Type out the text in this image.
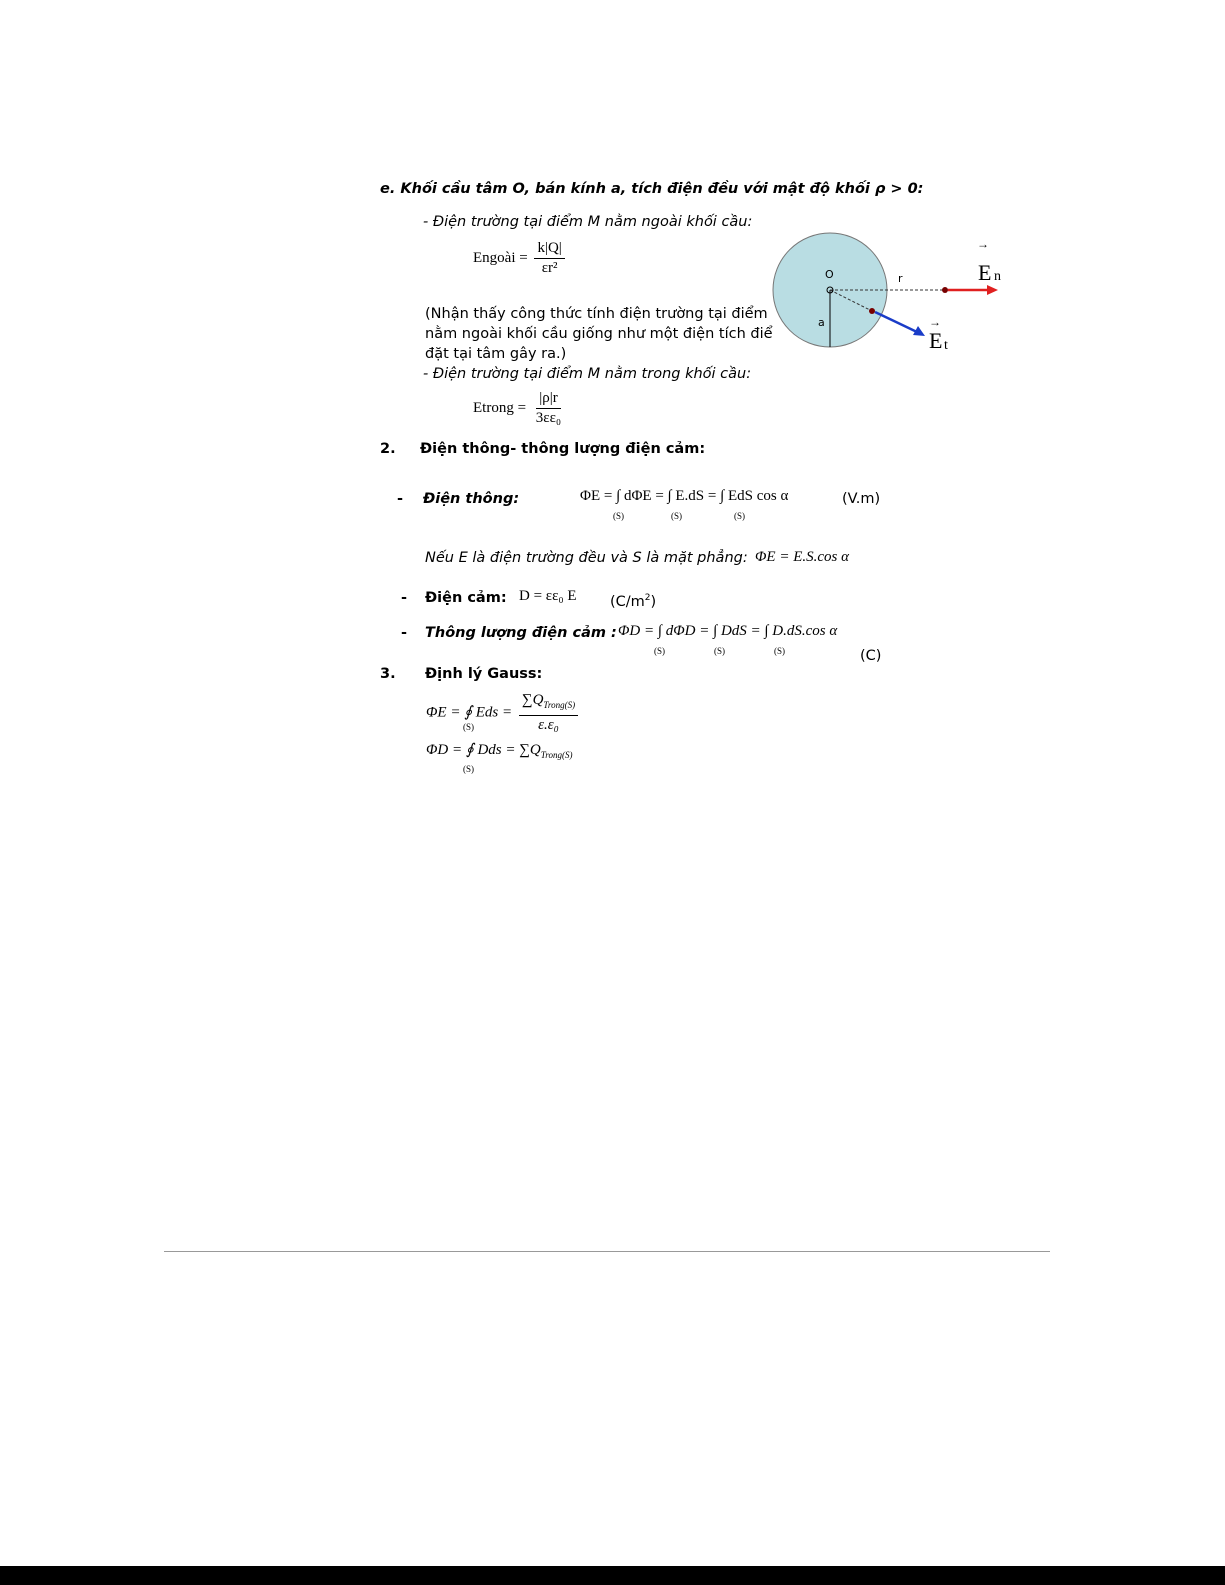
e. Khối cầu tâm O, bán kính a, tích điện đều với mật độ khối ρ > 0:
- Điện trường tại điểm M nằm ngoài khối cầu:
Engoài = $\frac{k|Q|}{\text{εr²}}$
(Nhận thấy công thức tính điện trường tại điểm
nằm ngoài khối cầu giống như một điện tích điể
đặt tại tâm gây ra.)
- Điện trường tại điểm M nằm trong khối cầu:
Etrong = $\frac{|\rho|r}{\text{3εε₀}}$
O
a
r
→
E n
→
E t
2. Điện thông- thông lượng điện cảm:
- Điện thông:	ΦE = ∫ dΦE = ∫ E.dS = ∫ EdS cos α
(S)	(S)	(S)
(V.m)
Nếu E là điện trường đều và S là mặt phẳng: ΦE = E.S.cos α
- Điện cảm: D = εε₀ E $(C/m^2)$
- Thông lượng điện cảm : ΦD = ∫ dΦD = ∫ DdS = ∫ D.dS.cos α
(S)	(S)	(S)	(C)
3. Định lý Gauss:
ΦE = ∮ Eds = $\frac{\sum Q_{Trong(S)}}{\text{ε.ε₀}}$
(S)
ΦD = ∮ Dds = $\sum Q_{Trong(S)}$
(S)
